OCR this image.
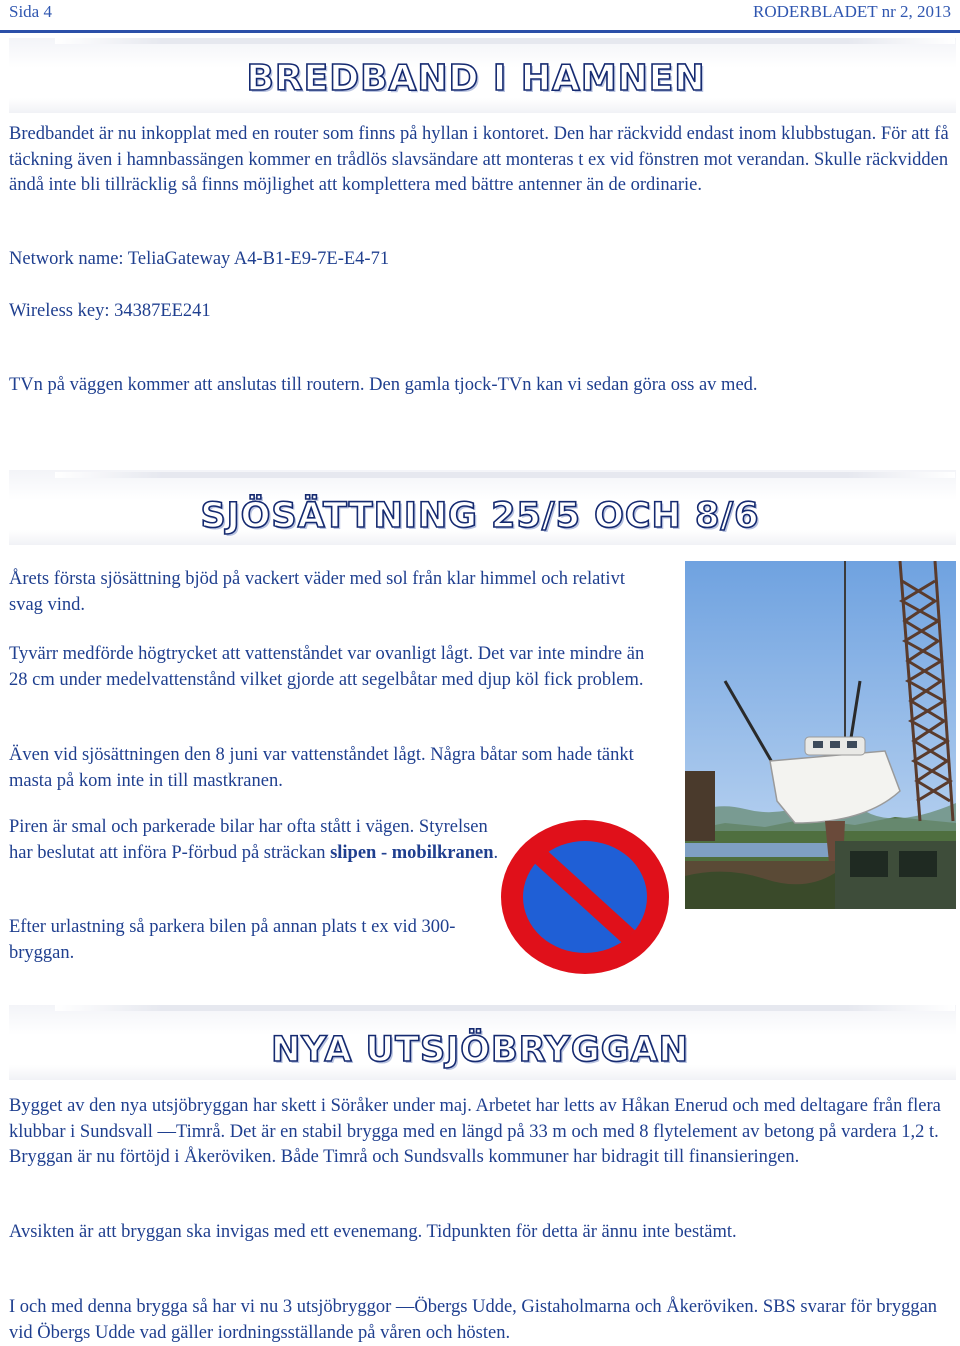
Sida 4	RODERBLADET nr 2, 2013
BREDBAND I HAMNEN
Bredbandet är nu inkopplat med en router som finns på hyllan i kontoret. Den har räckvidd endast inom klubbstugan. För att få täckning även i hamnbassängen kommer en trådlös slavsändare att monteras t ex vid fönstren mot verandan. Skulle räckvidden ändå inte bli tillräcklig så finns möjlighet att komplettera med bättre antenner än de ordinarie.
Network name: TeliaGateway A4-B1-E9-7E-E4-71
Wireless key: 34387EE241
TVn på väggen kommer att anslutas till routern. Den gamla tjock-TVn kan vi sedan göra oss av med.
SJÖSÄTTNING 25/5 OCH 8/6
Årets första sjösättning bjöd på vackert väder med sol från klar himmel och relativt svag vind.
Tyvärr medförde högtrycket att vattenståndet var ovanligt lågt. Det var inte mindre än 28 cm under medelvattenstånd vilket gjorde att segelbåtar med djup köl fick problem.
Även vid sjösättningen den 8 juni var vattenståndet lågt. Några båtar som hade tänkt masta på kom inte in till mastkranen.
Piren är smal och parkerade bilar har ofta stått i vägen. Styrelsen har beslutat att införa P-förbud på sträckan slipen - mobilkranen.
Efter urlastning så parkera bilen på annan plats t ex vid 300-bryggan.
NYA UTSJÖBRYGGAN
Bygget av den nya utsjöbryggan har skett i Söråker under maj. Arbetet har letts av Håkan Enerud och med deltagare från flera klubbar i Sundsvall —Timrå. Det är en stabil brygga med en längd på 33 m och med 8 flytelement av betong på vardera 1,2 t. Bryggan är nu förtöjd i Åkeröviken. Både Timrå och Sundsvalls kommuner har bidragit till finansieringen.
Avsikten är att bryggan ska invigas med ett evenemang. Tidpunkten för detta är ännu inte bestämt.
I och med denna brygga så har vi nu 3 utsjöbryggor —Öbergs Udde, Gistaholmarna och Åkeröviken. SBS svarar för bryggan vid Öbergs Udde vad gäller iordningsställande på våren och hösten.
